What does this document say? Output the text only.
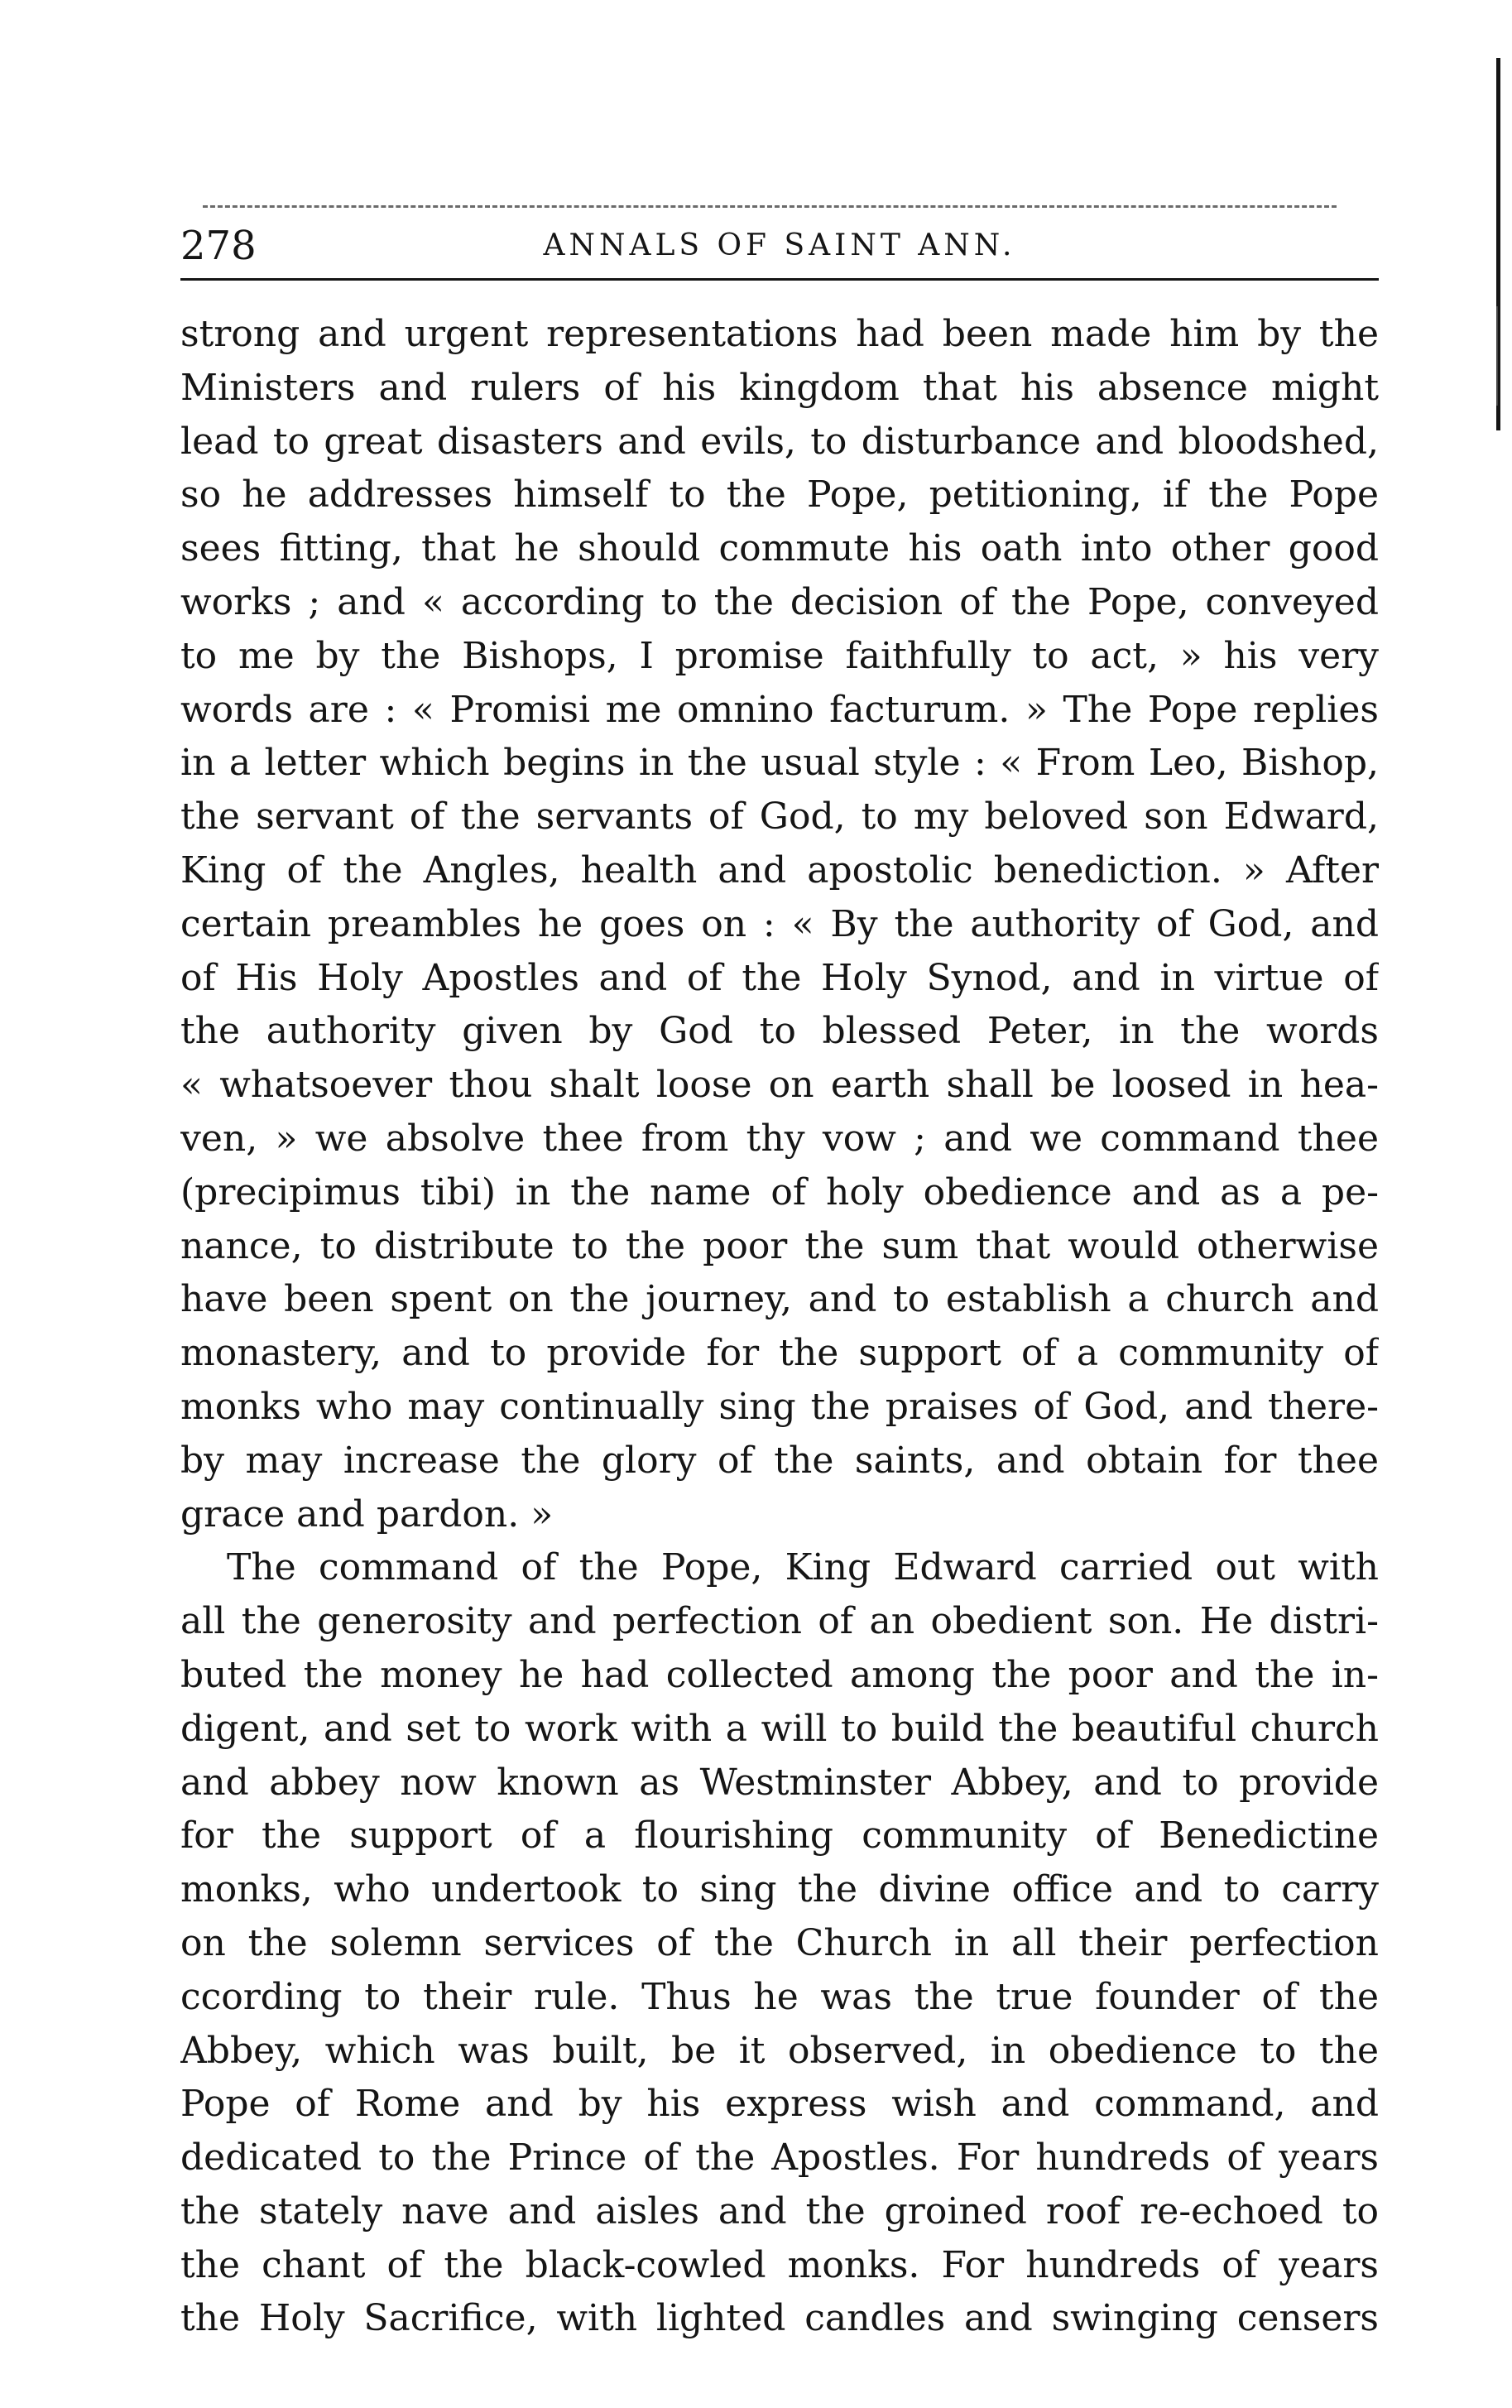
278	ANNALS OF SAINT ANN.
strong and urgent representations had been made him by the
Ministers and rulers of his kingdom that his absence might
lead to great disasters and evils, to disturbance and bloodshed,
so he addresses himself to the Pope, petitioning, if the Pope
sees fitting, that he should commute his oath into other good
works ; and « according to the decision of the Pope, conveyed
to me by the Bishops, I promise faithfully to act, » his very
words are : « Promisi me omnino facturum. » The Pope replies
in a letter which begins in the usual style : « From Leo, Bishop,
the servant of the servants of God, to my beloved son Edward,
King of the Angles, health and apostolic benediction. » After
certain preambles he goes on : « By the authority of God, and
of His Holy Apostles and of the Holy Synod, and in virtue of
the authority given by God to blessed Peter, in the words
« whatsoever thou shalt loose on earth shall be loosed in hea-
ven, » we absolve thee from thy vow ; and we command thee
(precipimus tibi) in the name of holy obedience and as a pe-
nance, to distribute to the poor the sum that would otherwise
have been spent on the journey, and to establish a church and
monastery, and to provide for the support of a community of
monks who may continually sing the praises of God, and there-
by may increase the glory of the saints, and obtain for thee
grace and pardon. »
The command of the Pope, King Edward carried out with
all the generosity and perfection of an obedient son. He distri-
buted the money he had collected among the poor and the in-
digent, and set to work with a will to build the beautiful church
and abbey now known as Westminster Abbey, and to provide
for the support of a flourishing community of Benedictine
monks, who undertook to sing the divine office and to carry
on the solemn services of the Church in all their perfection
ccording to their rule. Thus he was the true founder of the
Abbey, which was built, be it observed, in obedience to the
Pope of Rome and by his express wish and command, and
dedicated to the Prince of the Apostles. For hundreds of years
the stately nave and aisles and the groined roof re-echoed to
the chant of the black-cowled monks. For hundreds of years
the Holy Sacrifice, with lighted candles and swinging censers
